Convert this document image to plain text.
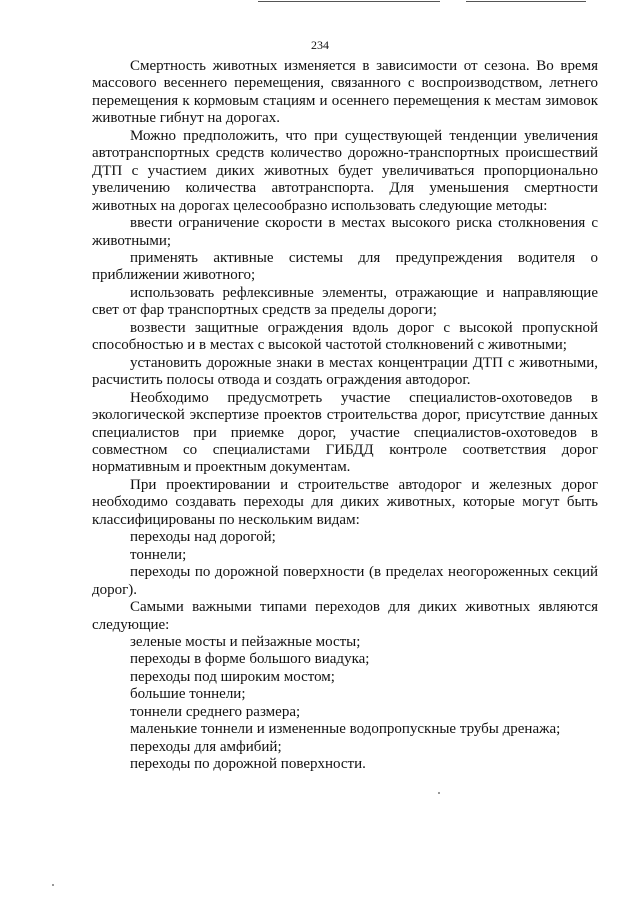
234

Смертность животных изменяется в зависимости от сезона. Во время массового весеннего перемещения, связанного с воспроизводством, летнего перемещения к кормовым стациям и осеннего перемещения к местам зимовок животные гибнут на дорогах.

Можно предположить, что при существующей тенденции увеличения автотранспортных средств количество дорожно-транспортных происшествий ДТП с участием диких животных будет увеличиваться пропорционально увеличению количества автотранспорта. Для уменьшения смертности животных на дорогах целесообразно использовать следующие методы:

ввести ограничение скорости в местах высокого риска столкновения с животными;

применять активные системы для предупреждения водителя о приближении животного;

использовать рефлексивные элементы, отражающие и направляющие свет от фар транспортных средств за пределы дороги;

возвести защитные ограждения вдоль дорог с высокой пропускной способностью и в местах с высокой частотой столкновений с животными;

установить дорожные знаки в местах концентрации ДТП с животными, расчистить полосы отвода и создать ограждения автодорог.

Необходимо предусмотреть участие специалистов-охотоведов в экологической экспертизе проектов строительства дорог, присутствие данных специалистов при приемке дорог, участие специалистов-охотоведов в совместном со специалистами ГИБДД контроле соответствия дорог нормативным и проектным документам.

При проектировании и строительстве автодорог и железных дорог необходимо создавать переходы для диких животных, которые могут быть классифицированы по нескольким видам:

переходы над дорогой;

тоннели;

переходы по дорожной поверхности (в пределах неогороженных секций дорог).

Самыми важными типами переходов для диких животных являются следующие:

зеленые мосты и пейзажные мосты;

переходы в форме большого виадука;

переходы под широким мостом;

большие тоннели;

тоннели среднего размера;

маленькие тоннели и измененные водопропускные трубы дренажа;

переходы для амфибий;

переходы по дорожной поверхности.
